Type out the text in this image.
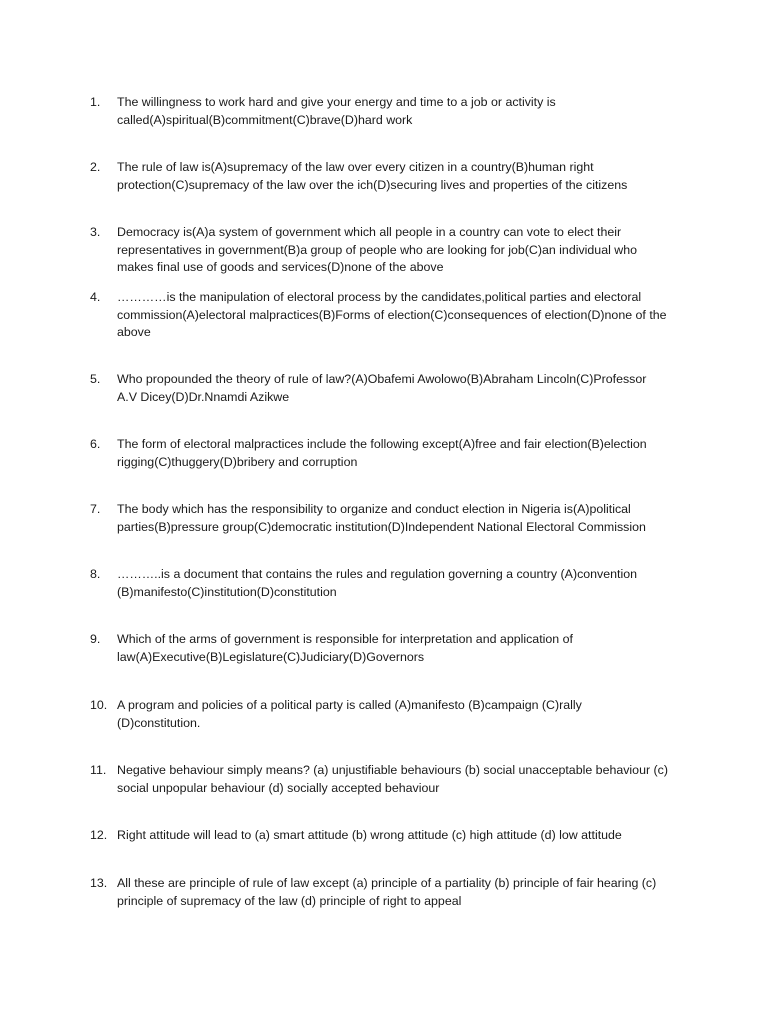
1.	The willingness to work hard and give your energy and time to a job or activity is
called(A)spiritual(B)commitment(C)brave(D)hard work
2.	The rule of law is(A)supremacy of the law over every citizen in a country(B)human right
protection(C)supremacy of the law over the ich(D)securing lives and properties of the citizens
3.	Democracy is(A)a system of government which all people in a country can vote to elect their
representatives in government(B)a group of people who are looking for job(C)an individual who
makes final use of goods and services(D)none of the above
4.	…………is the manipulation of electoral process by the candidates,political parties and electoral
commission(A)electoral malpractices(B)Forms of election(C)consequences of election(D)none of the
above
5.	Who propounded the theory of rule of law?(A)Obafemi Awolowo(B)Abraham Lincoln(C)Professor
A.V Dicey(D)Dr.Nnamdi Azikwe
6.	The form of electoral malpractices include the following except(A)free and fair election(B)election
rigging(C)thuggery(D)bribery and corruption
7.	The body which has the responsibility to organize and conduct election in Nigeria is(A)political
parties(B)pressure group(C)democratic institution(D)Independent National Electoral Commission
8.	………..is a document that contains the rules and regulation governing a country (A)convention
(B)manifesto(C)institution(D)constitution
9.	Which of the arms of government is responsible for interpretation and application of
law(A)Executive(B)Legislature(C)Judiciary(D)Governors
10. A program and policies of a political party is called (A)manifesto (B)campaign (C)rally
(D)constitution.
11. Negative behaviour simply means? (a) unjustifiable behaviours (b) social unacceptable behaviour (c)
social unpopular behaviour (d) socially accepted behaviour
12. Right attitude will lead to (a) smart attitude (b) wrong attitude (c) high attitude (d) low attitude
13. All these are principle of rule of law except (a) principle of a partiality (b) principle of fair hearing (c)
principle of supremacy of the law (d) principle of right to appeal
